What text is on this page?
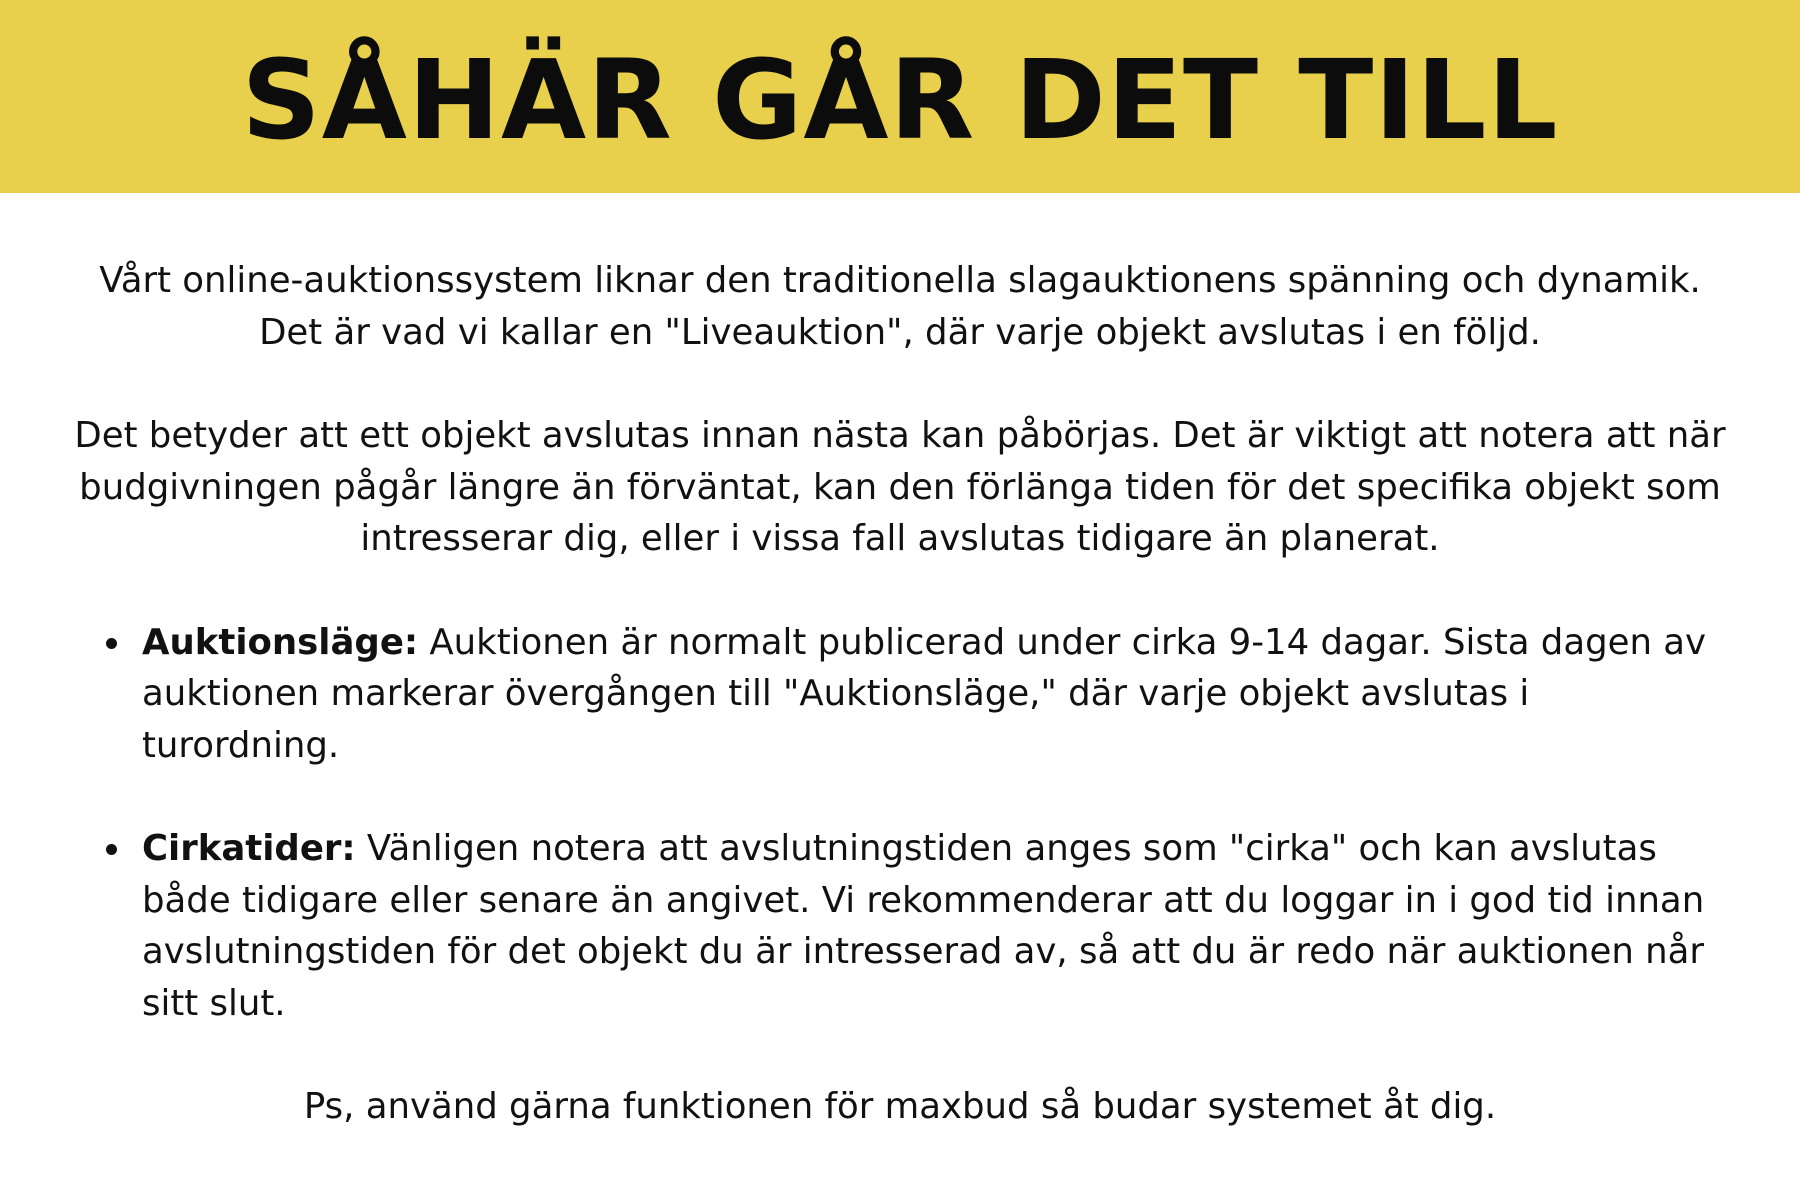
SÅHÄR GÅR DET TILL

Vårt online-auktionssystem liknar den traditionella slagauktionens spänning och dynamik.
Det är vad vi kallar en "Liveauktion", där varje objekt avslutas i en följd.

Det betyder att ett objekt avslutas innan nästa kan påbörjas. Det är viktigt att notera att när
budgivningen pågår längre än förväntat, kan den förlänga tiden för det specifika objekt som
intresserar dig, eller i vissa fall avslutas tidigare än planerat.

Auktionsläge: Auktionen är normalt publicerad under cirka 9-14 dagar. Sista dagen av
auktionen markerar övergången till "Auktionsläge," där varje objekt avslutas i
turordning.
Cirkatider: Vänligen notera att avslutningstiden anges som "cirka" och kan avslutas
både tidigare eller senare än angivet. Vi rekommenderar att du loggar in i god tid innan
avslutningstiden för det objekt du är intresserad av, så att du är redo när auktionen når
sitt slut.

Ps, använd gärna funktionen för maxbud så budar systemet åt dig.
